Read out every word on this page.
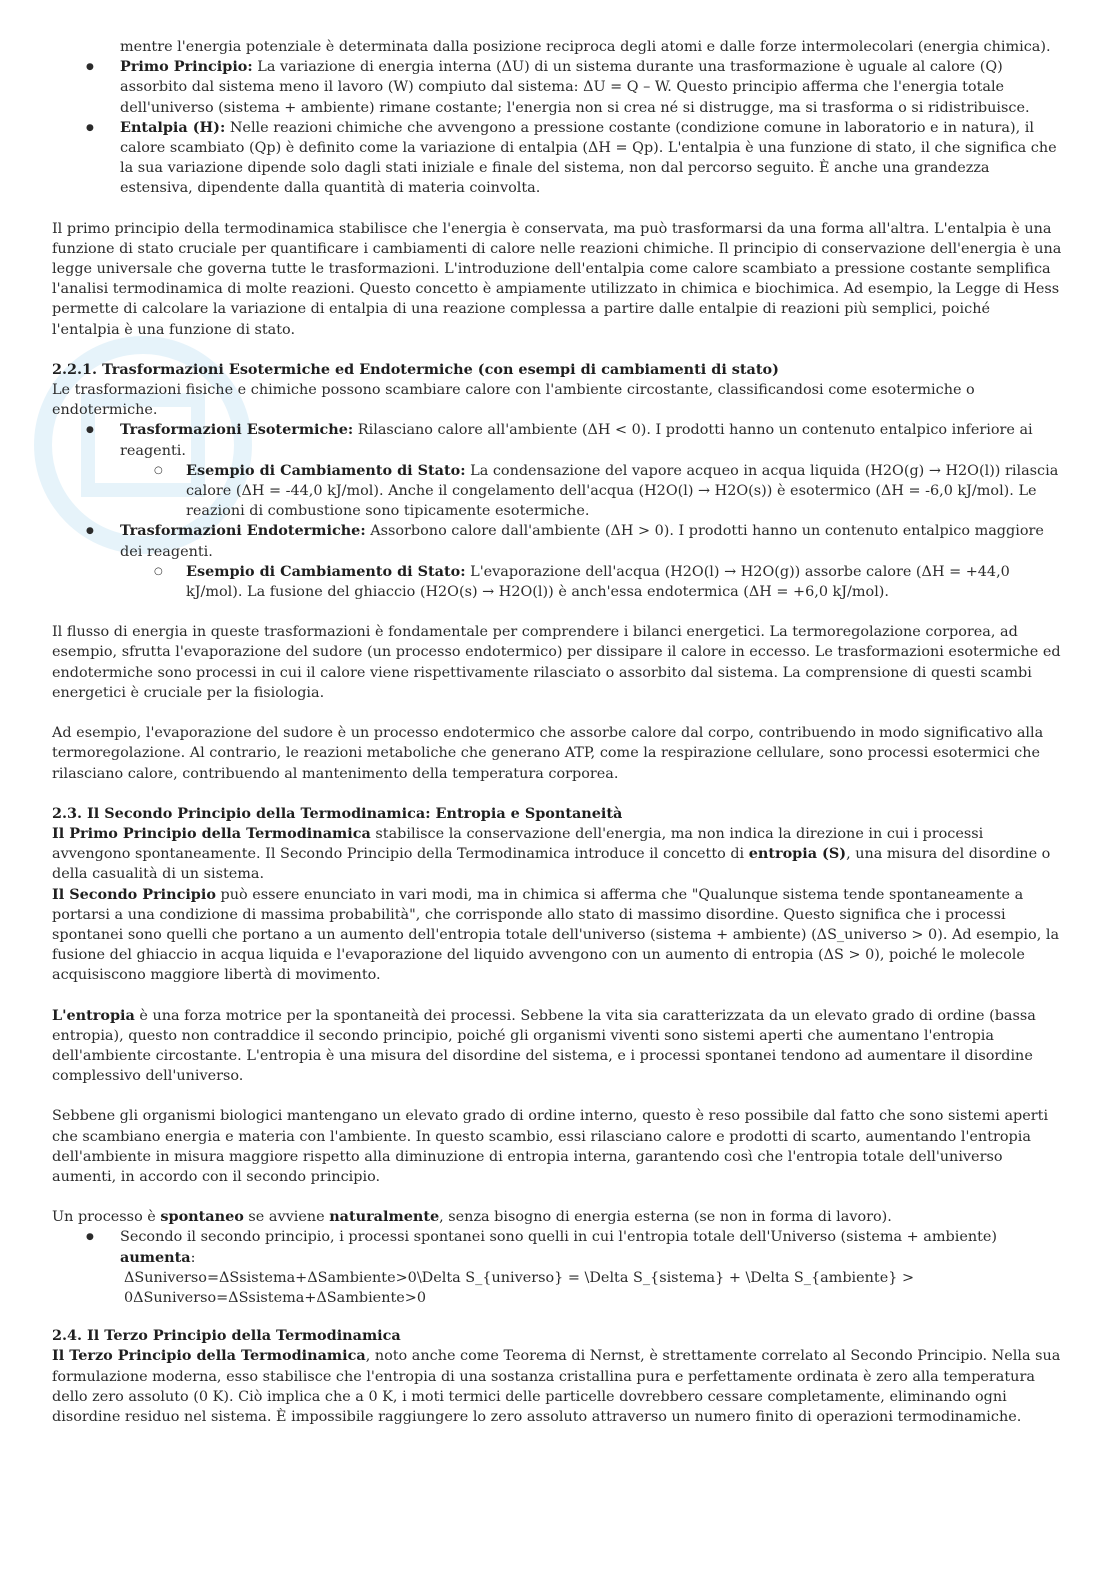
mentre l'energia potenziale è determinata dalla posizione reciproca degli atomi e dalle forze intermolecolari (energia chimica).

● Primo Principio: La variazione di energia interna (ΔU) di un sistema durante una trasformazione è uguale al calore (Q) assorbito dal sistema meno il lavoro (W) compiuto dal sistema: ΔU = Q – W. Questo principio afferma che l'energia totale dell'universo (sistema + ambiente) rimane costante; l'energia non si crea né si distrugge, ma si trasforma o si ridistribuisce.
● Entalpia (H): Nelle reazioni chimiche che avvengono a pressione costante (condizione comune in laboratorio e in natura), il calore scambiato (Qp) è definito come la variazione di entalpia (ΔH = Qp). L'entalpia è una funzione di stato, il che significa che la sua variazione dipende solo dagli stati iniziale e finale del sistema, non dal percorso seguito. È anche una grandezza estensiva, dipendente dalla quantità di materia coinvolta.

Il primo principio della termodinamica stabilisce che l'energia è conservata, ma può trasformarsi da una forma all'altra. L'entalpia è una funzione di stato cruciale per quantificare i cambiamenti di calore nelle reazioni chimiche. Il principio di conservazione dell'energia è una legge universale che governa tutte le trasformazioni. L'introduzione dell'entalpia come calore scambiato a pressione costante semplifica l'analisi termodinamica di molte reazioni. Questo concetto è ampiamente utilizzato in chimica e biochimica. Ad esempio, la Legge di Hess permette di calcolare la variazione di entalpia di una reazione complessa a partire dalle entalpie di reazioni più semplici, poiché l'entalpia è una funzione di stato.

2.2.1. Trasformazioni Esotermiche ed Endotermiche (con esempi di cambiamenti di stato)

Le trasformazioni fisiche e chimiche possono scambiare calore con l'ambiente circostante, classificandosi come esotermiche o endotermiche.

● Trasformazioni Esotermiche: Rilasciano calore all'ambiente (ΔH < 0). I prodotti hanno un contenuto entalpico inferiore ai reagenti.
○ Esempio di Cambiamento di Stato: La condensazione del vapore acqueo in acqua liquida (H2O(g) → H2O(l)) rilascia calore (ΔH = -44,0 kJ/mol). Anche il congelamento dell'acqua (H2O(l) → H2O(s)) è esotermico (ΔH = -6,0 kJ/mol). Le reazioni di combustione sono tipicamente esotermiche.
● Trasformazioni Endotermiche: Assorbono calore dall'ambiente (ΔH > 0). I prodotti hanno un contenuto entalpico maggiore dei reagenti.
○ Esempio di Cambiamento di Stato: L'evaporazione dell'acqua (H2O(l) → H2O(g)) assorbe calore (ΔH = +44,0 kJ/mol). La fusione del ghiaccio (H2O(s) → H2O(l)) è anch'essa endotermica (ΔH = +6,0 kJ/mol).

Il flusso di energia in queste trasformazioni è fondamentale per comprendere i bilanci energetici. La termoregolazione corporea, ad esempio, sfrutta l'evaporazione del sudore (un processo endotermico) per dissipare il calore in eccesso. Le trasformazioni esotermiche ed endotermiche sono processi in cui il calore viene rispettivamente rilasciato o assorbito dal sistema. La comprensione di questi scambi energetici è cruciale per la fisiologia.

Ad esempio, l'evaporazione del sudore è un processo endotermico che assorbe calore dal corpo, contribuendo in modo significativo alla termoregolazione. Al contrario, le reazioni metaboliche che generano ATP, come la respirazione cellulare, sono processi esotermici che rilasciano calore, contribuendo al mantenimento della temperatura corporea.

2.3. Il Secondo Principio della Termodinamica: Entropia e Spontaneità

Il Primo Principio della Termodinamica stabilisce la conservazione dell'energia, ma non indica la direzione in cui i processi avvengono spontaneamente. Il Secondo Principio della Termodinamica introduce il concetto di entropia (S), una misura del disordine o della casualità di un sistema.

Il Secondo Principio può essere enunciato in vari modi, ma in chimica si afferma che "Qualunque sistema tende spontaneamente a portarsi a una condizione di massima probabilità", che corrisponde allo stato di massimo disordine. Questo significa che i processi spontanei sono quelli che portano a un aumento dell'entropia totale dell'universo (sistema + ambiente) (ΔS_universo > 0). Ad esempio, la fusione del ghiaccio in acqua liquida e l'evaporazione del liquido avvengono con un aumento di entropia (ΔS > 0), poiché le molecole acquisiscono maggiore libertà di movimento.

L'entropia è una forza motrice per la spontaneità dei processi. Sebbene la vita sia caratterizzata da un elevato grado di ordine (bassa entropia), questo non contraddice il secondo principio, poiché gli organismi viventi sono sistemi aperti che aumentano l'entropia dell'ambiente circostante. L'entropia è una misura del disordine del sistema, e i processi spontanei tendono ad aumentare il disordine complessivo dell'universo.

Sebbene gli organismi biologici mantengano un elevato grado di ordine interno, questo è reso possibile dal fatto che sono sistemi aperti che scambiano energia e materia con l'ambiente. In questo scambio, essi rilasciano calore e prodotti di scarto, aumentando l'entropia dell'ambiente in misura maggiore rispetto alla diminuzione di entropia interna, garantendo così che l'entropia totale dell'universo aumenti, in accordo con il secondo principio.

Un processo è spontaneo se avviene naturalmente, senza bisogno di energia esterna (se non in forma di lavoro).

● Secondo il secondo principio, i processi spontanei sono quelli in cui l'entropia totale dell'Universo (sistema + ambiente)
aumenta:

ΔSuniverso=ΔSsistema+ΔSambiente>0\Delta S_{universo} = \Delta S_{sistema} + \Delta S_{ambiente} > 0ΔSuniverso=ΔSsistema+ΔSambiente>0

2.4. Il Terzo Principio della Termodinamica

Il Terzo Principio della Termodinamica, noto anche come Teorema di Nernst, è strettamente correlato al Secondo Principio. Nella sua formulazione moderna, esso stabilisce che l'entropia di una sostanza cristallina pura e perfettamente ordinata è zero alla temperatura dello zero assoluto (0 K). Ciò implica che a 0 K, i moti termici delle particelle dovrebbero cessare completamente, eliminando ogni disordine residuo nel sistema. È impossibile raggiungere lo zero assoluto attraverso un numero finito di operazioni termodinamiche.
